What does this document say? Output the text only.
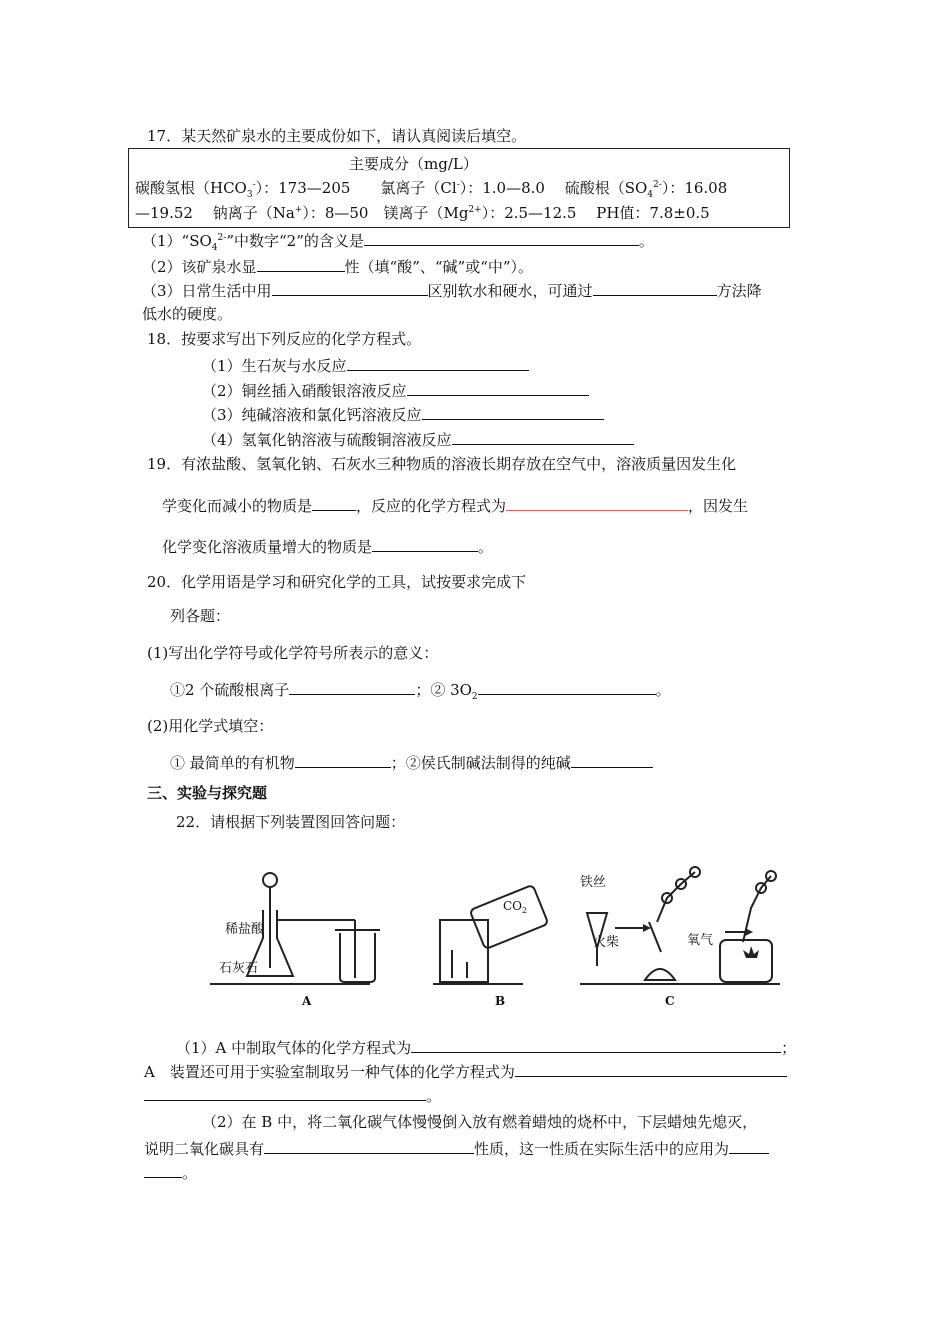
17．某天然矿泉水的主要成份如下，请认真阅读后填空。
主要成分（mg/L）
碳酸氢根$(HCO_3^-)$：173—205　　氯离子（Cl-）：1.0—8.0　 硫酸根$(SO_4^{2-})$：16.08
—19.52　 钠离子（Na+）：8—50　镁离子$(Mg^{2+})$：2.5—12.5　 PH值：7.8±0.5
$(1)“SO_4^{2-}$”中数字“2”的含义是	。
（2）该矿泉水显	性（填“酸”、“碱”或“中”）。
（3）日常生活中用	区别软水和硬水，可通过	方法降
低水的硬度。
18．按要求写出下列反应的化学方程式。
（1）生石灰与水反应
（2）铜丝插入硝酸银溶液反应
（3）纯碱溶液和氯化钙溶液反应
（4）氢氧化钠溶液与硫酸铜溶液反应
19．有浓盐酸、氢氧化钠、石灰水三种物质的溶液长期存放在空气中，溶液质量因发生化
学变化而减小的物质是	，反应的化学方程式为	，因发生
化学变化溶液质量增大的物质是	。
20．化学用语是学习和研究化学的工具，试按要求完成下
列各题：
(1)写出化学符号或化学符号所表示的意义：
①2 个硫酸根离子	；② $3O_2$	。
(2)用化学式填空：
① 最简单的有机物	；②侯氏制碱法制得的纯碱
三、实验与探究题
22．请根据下列装置图回答问题：
稀盐酸
石灰石
$CO_2$
铁丝
火柴	氧气
A	B	C
（1）A 中制取气体的化学方程式为	；
A　装置还可用于实验室制取另一种气体的化学方程式为
。
（2）在 B 中，将二氧化碳气体慢慢倒入放有燃着蜡烛的烧杯中，下层蜡烛先熄灭，
说明二氧化碳具有	性质，这一性质在实际生活中的应用为
。
